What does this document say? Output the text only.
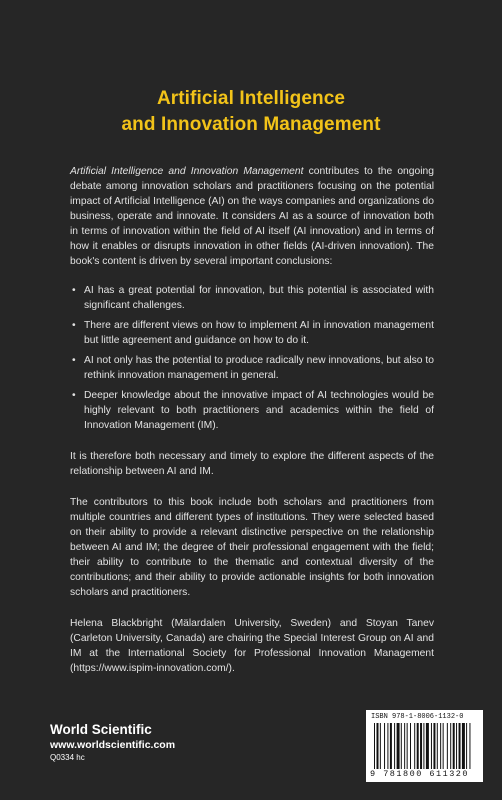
Artificial Intelligence
and Innovation Management

Artificial Intelligence and Innovation Management contributes to the ongoing debate among innovation scholars and practitioners focusing on the potential impact of Artificial Intelligence (AI) on the ways companies and organizations do business, operate and innovate. It considers AI as a source of innovation both in terms of innovation within the field of AI itself (AI innovation) and in terms of how it enables or disrupts innovation in other fields (AI-driven innovation). The book's content is driven by several important conclusions:

• AI has a great potential for innovation, but this potential is associated with significant challenges.
• There are different views on how to implement AI in innovation management but little agreement and guidance on how to do it.
• AI not only has the potential to produce radically new innovations, but also to rethink innovation management in general.
• Deeper knowledge about the innovative impact of AI technologies would be highly relevant to both practitioners and academics within the field of Innovation Management (IM).

It is therefore both necessary and timely to explore the different aspects of the relationship between AI and IM.

The contributors to this book include both scholars and practitioners from multiple countries and different types of institutions. They were selected based on their ability to provide a relevant distinctive perspective on the relationship between AI and IM; the degree of their professional engagement with the field; their ability to contribute to the thematic and contextual diversity of the contributions; and their ability to provide actionable insights for both innovation scholars and practitioners.

Helena Blackbright (Mälardalen University, Sweden) and Stoyan Tanev (Carleton University, Canada) are chairing the Special Interest Group on AI and IM at the International Society for Professional Innovation Management (https://www.ispim-innovation.com/).

World Scientific
www.worldscientific.com
Q0334 hc
ISBN 978-1-8006-1132-0
9 781800 611320
